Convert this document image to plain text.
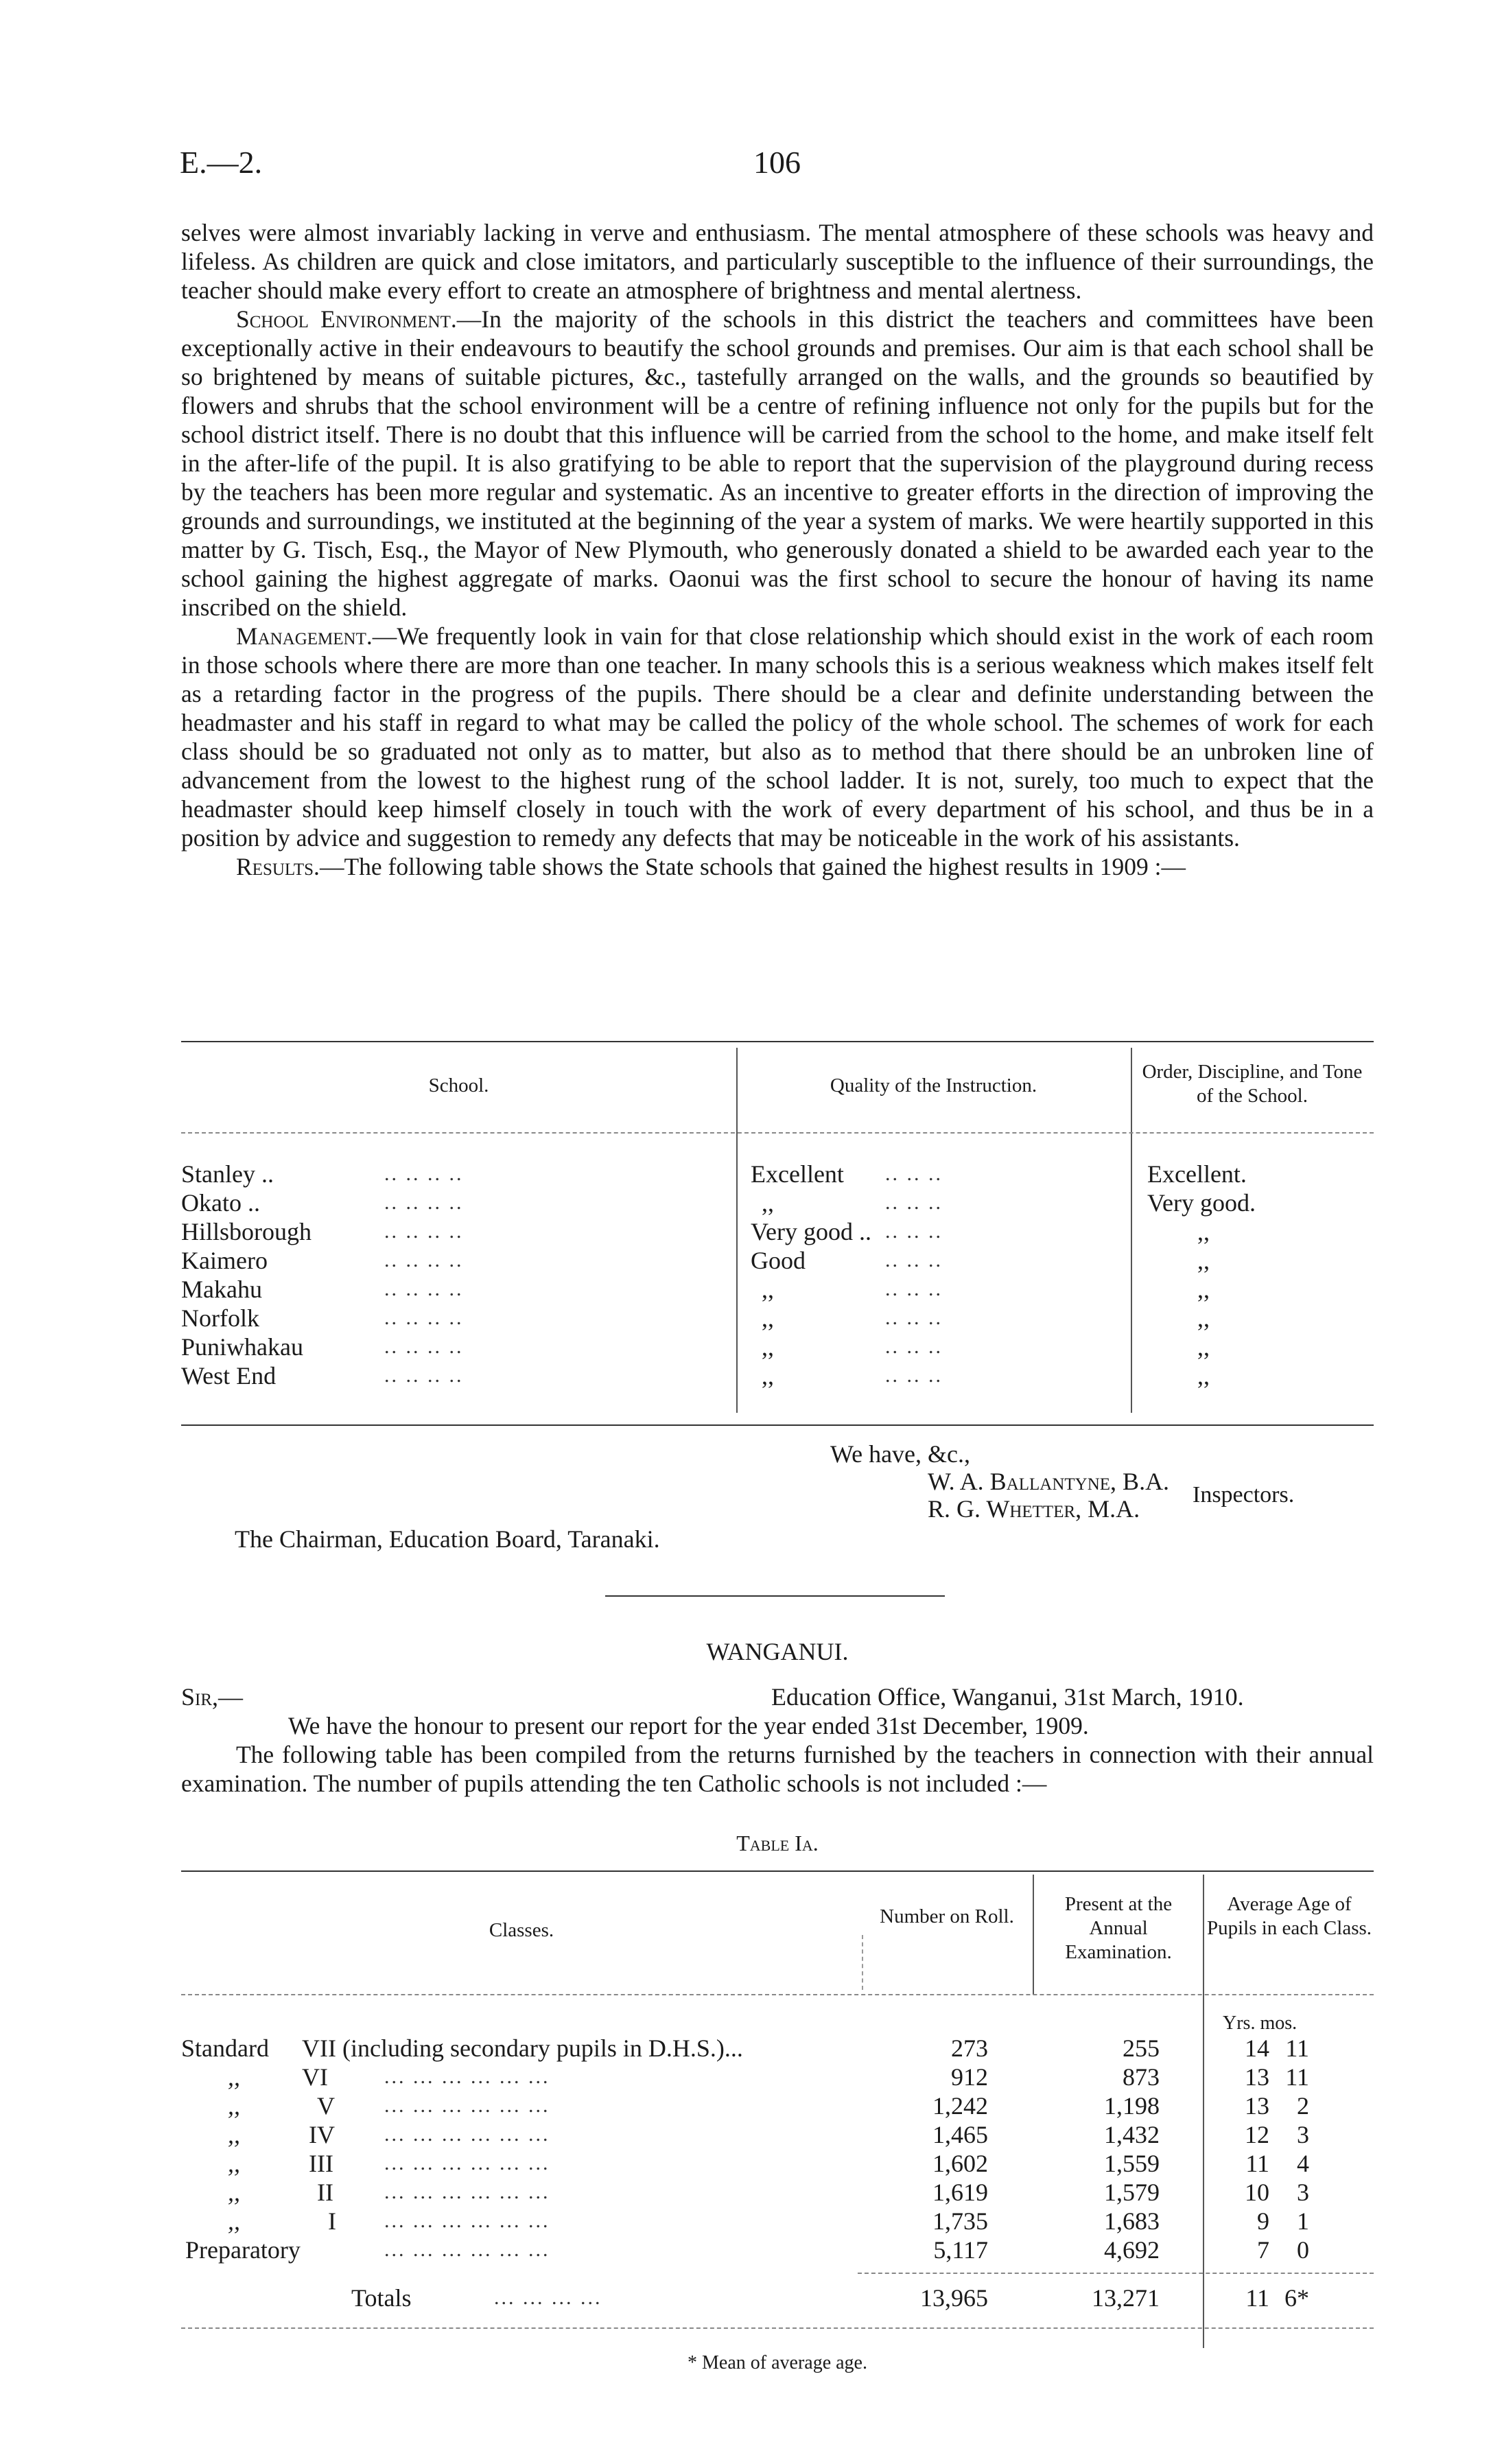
E.—2.	106

selves were almost invariably lacking in verve and enthusiasm. The mental atmosphere of these schools was heavy and lifeless. As children are quick and close imitators, and particularly susceptible to the influence of their surroundings, the teacher should make every effort to create an atmosphere of brightness and mental alertness.

School Environment.—In the majority of the schools in this district the teachers and committees have been exceptionally active in their endeavours to beautify the school grounds and premises. Our aim is that each school shall be so brightened by means of suitable pictures, &c., tastefully arranged on the walls, and the grounds so beautified by flowers and shrubs that the school environment will be a centre of refining influence not only for the pupils but for the school district itself. There is no doubt that this influence will be carried from the school to the home, and make itself felt in the after-life of the pupil. It is also gratifying to be able to report that the supervision of the playground during recess by the teachers has been more regular and systematic. As an incentive to greater efforts in the direction of improving the grounds and surroundings, we instituted at the beginning of the year a system of marks. We were heartily supported in this matter by G. Tisch, Esq., the Mayor of New Plymouth, who generously donated a shield to be awarded each year to the school gaining the highest aggregate of marks. Oaonui was the first school to secure the honour of having its name inscribed on the shield.

Management.—We frequently look in vain for that close relationship which should exist in the work of each room in those schools where there are more than one teacher. In many schools this is a serious weakness which makes itself felt as a retarding factor in the progress of the pupils. There should be a clear and definite understanding between the headmaster and his staff in regard to what may be called the policy of the whole school. The schemes of work for each class should be so graduated not only as to matter, but also as to method that there should be an unbroken line of advancement from the lowest to the highest rung of the school ladder. It is not, surely, too much to expect that the headmaster should keep himself closely in touch with the work of every department of his school, and thus be in a position by advice and suggestion to remedy any defects that may be noticeable in the work of his assistants.

Results.—The following table shows the State schools that gained the highest results in 1909 :—

School.	Quality of the Instruction.
Order, Discipline, and Tone of the School.
Stanley ..	.. .. .. ..	Excellent	Excellent.
Okato ..	.. .. .. ..	,,	Very good.
Hillsborough	.. .. .. ..	Very good ..	,,
Kaimero	.. .. .. ..	Good	,,
Makahu	.. .. .. ..	,,	,,
Norfolk	.. .. .. ..	,,	,,
Puniwhakau	.. .. .. ..	,,	,,
West End	.. .. .. ..	,,	,,
.. .. ..
.. .. ..
.. .. ..
.. .. ..
.. .. ..
.. .. ..
.. .. ..
.. .. ..
We have, &c.,
W. A. Ballantyne, B.A.
R. G. Whetter, M.A.
Inspectors.
The Chairman, Education Board, Taranaki.
WANGANUI.
Sir,—	Education Office, Wanganui, 31st March, 1910.

We have the honour to present our report for the year ended 31st December, 1909.

The following table has been compiled from the returns furnished by the teachers in connection with their annual examination. The number of pupils attending the ten Catholic schools is not included :—

Table Ia.
Classes.
Number on Roll.
Present at the Annual Examination.
Average Age of Pupils in each Class.
Yrs. mos.
Standard VII (including secondary pupils in D.H.S.)...	273	255	14 11
,,	VI	... ... ... ... ... ...	912	873	13 11
,,	V ... ... ... ... ... ...	1,242	1,198	13	2
,,	IV ... ... ... ... ... ...	1,465	1,432	12	3
,,	III ... ... ... ... ... ...	1,602	1,559	11	4
,,	II ... ... ... ... ... ...	1,619	1,579	10	3
,,	I ... ... ... ... ... ...	1,735	1,683	9	1
Preparatory	... ... ... ... ... ...	5,117	4,692	7	0
Totals	... ... ... ...	13,965	13,271	11 6*
* Mean of average age.
